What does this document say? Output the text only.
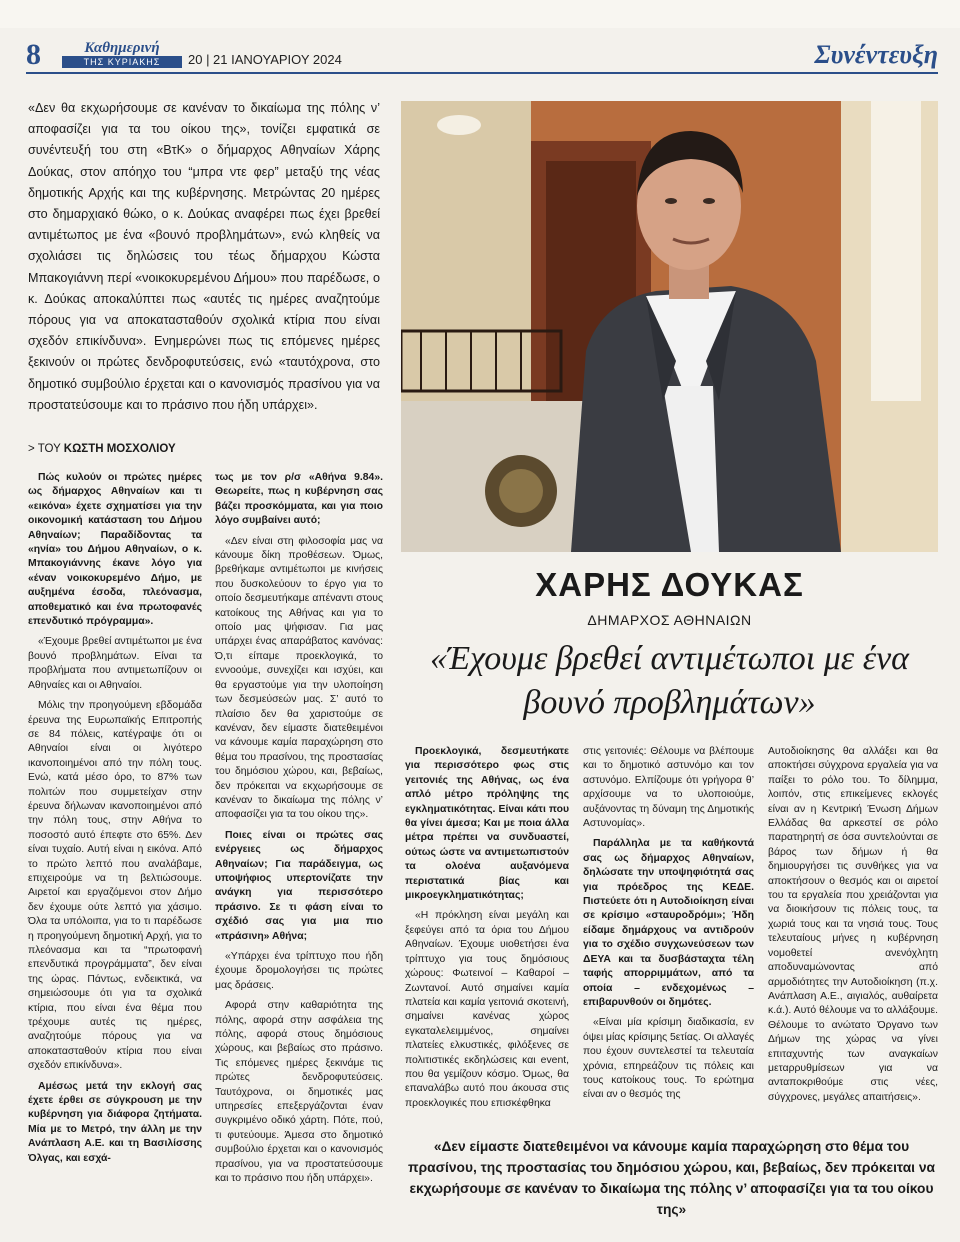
8	Καθημερινή
ΤΗΣ ΚΥΡΙΑΚΗΣ	20 | 21 ΙΑΝΟΥΑΡΙΟΥ 2024	Συνέντευξη
«Δεν θα εκχωρήσουμε σε κανέναν το δικαίωμα της πόλης ν’ αποφασίζει για τα του οίκου της», τονίζει εμφατικά σε συνέντευξή του στη «ΒτΚ» ο δήμαρχος Αθηναίων Χάρης Δούκας, στον απόηχο του “μπρα ντε φερ” μεταξύ της νέας δημοτικής Αρχής και της κυβέρνησης. Μετρώντας 20 ημέρες στο δημαρχιακό θώκο, ο κ. Δούκας αναφέρει πως έχει βρεθεί αντιμέτωπος με ένα «βουνό προβλημάτων», ενώ κληθείς να σχολιάσει τις δηλώσεις του τέως δήμαρχου Κώστα Μπακογιάννη περί «νοικοκυρεμένου Δήμου» που παρέδωσε, ο κ. Δούκας αποκαλύπτει πως «αυτές τις ημέρες αναζητούμε πόρους για να αποκατασταθούν σχολικά κτίρια που είναι σχεδόν επικίνδυνα». Ενημερώνει πως τις επόμενες ημέρες ξεκινούν οι πρώτες δενδροφυτεύσεις, ενώ «ταυτόχρονα, στο δημοτικό συμβούλιο έρχεται και ο κανονισμός πρασίνου για να προστατεύσουμε και το πράσινο που ήδη υπάρχει».
> ΤΟΥ ΚΩΣΤΗ ΜΟΣΧΟΛΙΟΥ
ΧΑΡΗΣ ΔΟΥΚΑΣ
ΔΗΜΑΡΧΟΣ ΑΘΗΝΑΙΩΝ
«Έχουμε βρεθεί αντιμέτωποι με ένα βουνό προβλημάτων»

Πώς κυλούν οι πρώτες ημέρες ως δήμαρχος Αθηναίων και τι «εικόνα» έχετε σχηματίσει για την οικονομική κατάσταση του Δήμου Αθηναίων; Παραδίδοντας τα «ηνία» του Δήμου Αθηναίων, ο κ. Μπακογιάννης έκανε λόγο για «έναν νοικοκυρεμένο Δήμο, με αυξημένα έσοδα, πλεόνασμα, αποθεματικό και ένα πρωτοφανές επενδυτικό πρόγραμμα».

«Έχουμε βρεθεί αντιμέτωποι με ένα βουνό προβλημάτων. Είναι τα προβλήματα που αντιμετωπίζουν οι Αθηναίες και οι Αθηναίοι.

Μόλις την προηγούμενη εβδομάδα έρευνα της Ευρωπαϊκής Επιτροπής σε 84 πόλεις, κατέγραψε ότι οι Αθηναίοι είναι οι λιγότερο ικανοποιημένοι από την πόλη τους. Ενώ, κατά μέσο όρο, το 87% των πολιτών που συμμετείχαν στην έρευνα δήλωναν ικανοποιημένοι από την πόλη τους, στην Αθήνα το ποσοστό αυτό έπεφτε στο 65%. Δεν είναι τυχαίο. Αυτή είναι η εικόνα. Από το πρώτο λεπτό που αναλάβαμε, επιχειρούμε να τη βελτιώσουμε. Αιρετοί και εργαζόμενοι στον Δήμο δεν έχουμε ούτε λεπτό για χάσιμο. Όλα τα υπόλοιπα, για το τι παρέδωσε η προηγούμενη δημοτική Αρχή, για το πλεόνασμα και τα “πρωτοφανή επενδυτικά προγράμματα”, δεν είναι της ώρας. Πάντως, ενδεικτικά, να σημειώσουμε ότι για τα σχολικά κτίρια, που είναι ένα θέμα που τρέχουμε αυτές τις ημέρες, αναζητούμε πόρους για να αποκατασταθούν κτίρια που είναι σχεδόν επικίνδυνα».

Αμέσως μετά την εκλογή σας έχετε έρθει σε σύγκρουση με την κυβέρνηση για διάφορα ζητήματα. Μία με το Μετρό, την άλλη με την Ανάπλαση Α.Ε. και τη Βασιλίσσης Όλγας, και εσχά-

τως με τον ρ/σ «Αθήνα 9.84». Θεωρείτε, πως η κυβέρνηση σας βάζει προσκόμματα, και για ποιο λόγο συμβαίνει αυτό;

«Δεν είναι στη φιλοσοφία μας να κάνουμε δίκη προθέσεων. Όμως, βρεθήκαμε αντιμέτωποι με κινήσεις που δυσκολεύουν το έργο για το οποίο δεσμευτήκαμε απέναντι στους κατοίκους της Αθήνας και για το οποίο μας ψήφισαν. Για μας υπάρχει ένας απαράβατος κανόνας: Ό,τι είπαμε προεκλογικά, το εννοούμε, συνεχίζει και ισχύει, και θα εργαστούμε για την υλοποίηση των δεσμεύσεών μας. Σ’ αυτό το πλαίσιο δεν θα χαριστούμε σε κανέναν, δεν είμαστε διατεθειμένοι να κάνουμε καμία παραχώρηση στο θέμα του πρασίνου, της προστασίας του δημόσιου χώρου, και, βεβαίως, δεν πρόκειται να εκχωρήσουμε σε κανέναν το δικαίωμα της πόλης ν’ αποφασίζει για τα του οίκου της».

Ποιες είναι οι πρώτες σας ενέργειες ως δήμαρχος Αθηναίων; Για παράδειγμα, ως υποψήφιος υπερτονίζατε την ανάγκη για περισσότερο πράσινο. Σε τι φάση είναι το σχέδιό σας για μια πιο «πράσινη» Αθήνα;

«Υπάρχει ένα τρίπτυχο που ήδη έχουμε δρομολογήσει τις πρώτες μας δράσεις.

Αφορά στην καθαριότητα της πόλης, αφορά στην ασφάλεια της πόλης, αφορά στους δημόσιους χώρους, και βεβαίως στο πράσινο. Τις επόμενες ημέρες ξεκινάμε τις πρώτες δενδροφυτεύσεις. Ταυτόχρονα, οι δημοτικές μας υπηρεσίες επεξεργάζονται έναν συγκριμένο οδικό χάρτη. Πότε, πού, τι φυτεύουμε. Άμεσα στο δημοτικό συμβούλιο έρχεται και ο κανονισμός πρασίνου, για να προστατεύσουμε και το πράσινο που ήδη υπάρχει».

Προεκλογικά, δεσμευτήκατε για περισσότερο φως στις γειτονιές της Αθήνας, ως ένα απλό μέτρο πρόληψης της εγκληματικότητας. Είναι κάτι που θα γίνει άμεσα; Και με ποια άλλα μέτρα πρέπει να συνδυαστεί, ούτως ώστε να αντιμετωπιστούν τα ολοένα αυξανόμενα περιστατικά βίας και μικροεγκληματικότητας;

«Η πρόκληση είναι μεγάλη και ξεφεύγει από τα όρια του Δήμου Αθηναίων. Έχουμε υιοθετήσει ένα τρίπτυχο για τους δημόσιους χώρους: Φωτεινοί – Καθαροί – Ζωντανοί. Αυτό σημαίνει καμία πλατεία και καμία γειτονιά σκοτεινή, σημαίνει κανένας χώρος εγκαταλελειμμένος, σημαίνει πλατείες ελκυστικές, φιλόξενες σε πολιτιστικές εκδηλώσεις και event, που θα γεμίζουν κόσμο. Όμως, θα επαναλάβω αυτό που άκουσα στις προεκλογικές που επισκέφθηκα

στις γειτονιές: Θέλουμε να βλέπουμε και το δημοτικό αστυνόμο και τον αστυνόμο. Ελπίζουμε ότι γρήγορα θ’ αρχίσουμε να το υλοποιούμε, αυξάνοντας τη δύναμη της Δημοτικής Αστυνομίας».

Παράλληλα με τα καθήκοντά σας ως δήμαρχος Αθηναίων, δηλώσατε την υποψηφιότητά σας για πρόεδρος της ΚΕΔΕ. Πιστεύετε ότι η Αυτοδιοίκηση είναι σε κρίσιμο «σταυροδρόμι»; Ήδη είδαμε δημάρχους να αντιδρούν για το σχέδιο συγχωνεύσεων των ΔΕΥΑ και τα δυσβάσταχτα τέλη ταφής απορριμμάτων, από τα οποία – ενδεχομένως – επιβαρυνθούν οι δημότες.

«Είναι μία κρίσιμη διαδικασία, εν όψει μίας κρίσιμης 5ετίας. Οι αλλαγές που έχουν συντελεστεί τα τελευταία χρόνια, επηρεάζουν τις πόλεις και τους κατοίκους τους. Το ερώτημα είναι αν ο θεσμός της

Αυτοδιοίκησης θα αλλάξει και θα αποκτήσει σύγχρονα εργαλεία για να παίξει το ρόλο του. Το δίλημμα, λοιπόν, στις επικείμενες εκλογές είναι αν η Κεντρική Ένωση Δήμων Ελλάδας θα αρκεστεί σε ρόλο παρατηρητή σε όσα συντελούνται σε βάρος των δήμων ή θα δημιουργήσει τις συνθήκες για να αποκτήσουν ο θεσμός και οι αιρετοί του τα εργαλεία που χρειάζονται για να διοικήσουν τις πόλεις τους, τα χωριά τους και τα νησιά τους. Τους τελευταίους μήνες η κυβέρνηση νομοθετεί ανενόχλητη αποδυναμώνοντας από αρμοδιότητες την Αυτοδιοίκηση (π.χ. Ανάπλαση Α.Ε., αιγιαλός, αυθαίρετα κ.ά.). Αυτό θέλουμε να το αλλάξουμε. Θέλουμε το ανώτατο Όργανο των Δήμων της χώρας να γίνει επιταχυντής των αναγκαίων μεταρρυθμίσεων για να ανταποκριθούμε στις νέες, σύγχρονες, μεγάλες απαιτήσεις».

«Δεν είμαστε διατεθειμένοι να κάνουμε καμία παραχώρηση στο θέμα του πρασίνου, της προστασίας του δημόσιου χώρου, και, βεβαίως, δεν πρόκειται να εκχωρήσουμε σε κανέναν το δικαίωμα της πόλης ν’ αποφασίζει για τα του οίκου της»
